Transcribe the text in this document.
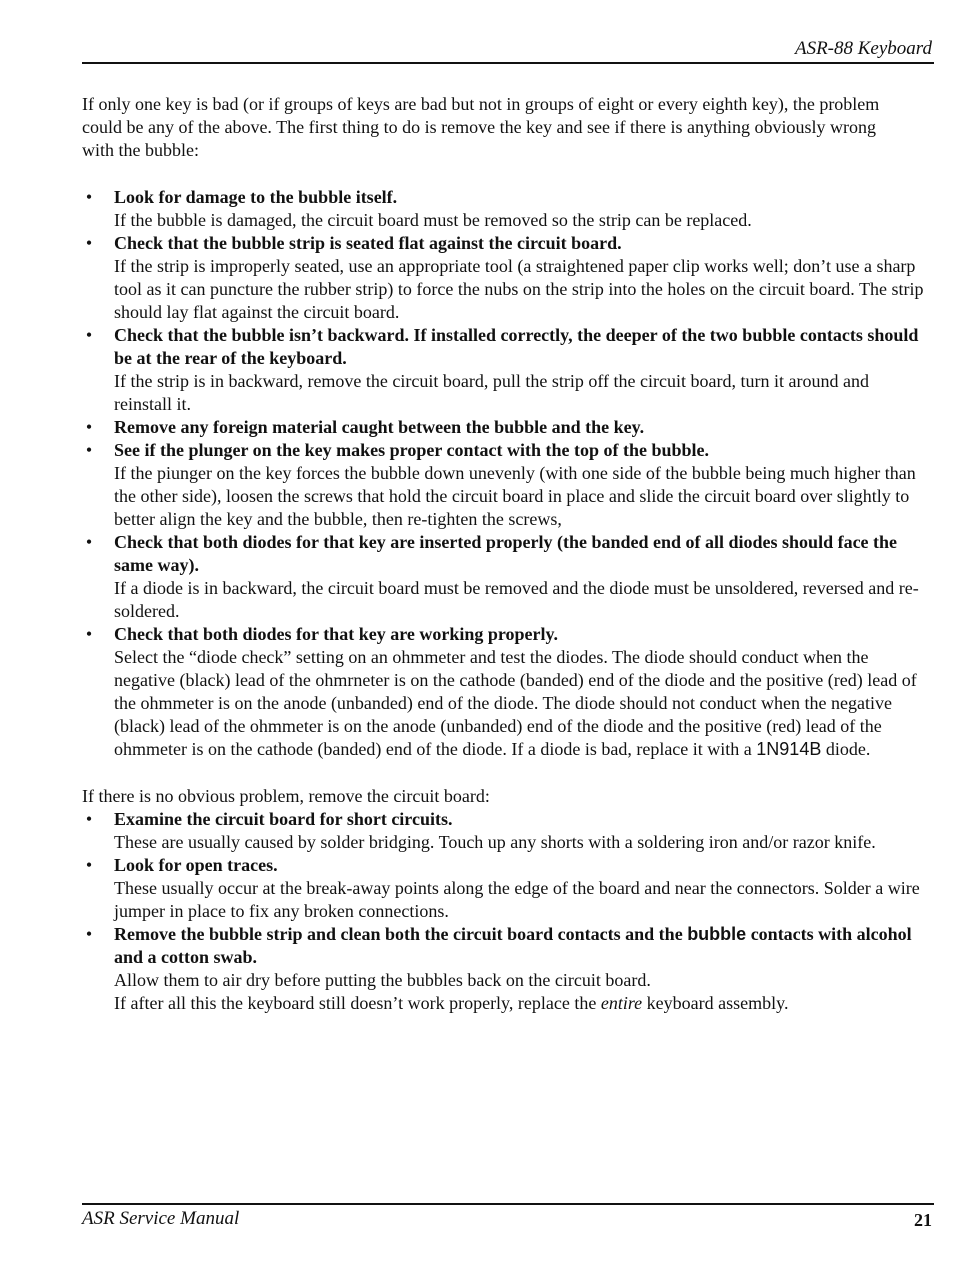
ASR-88 Keyboard

If only one key is bad (or if groups of keys are bad but not in groups of eight or every eighth key), the problem could be any of the above. The first thing to do is remove the key and see if there is anything obviously wrong with the bubble:

• Look for damage to the bubble itself.
If the bubble is damaged, the circuit board must be removed so the strip can be replaced.
• Check that the bubble strip is seated flat against the circuit board.
If the strip is improperly seated, use an appropriate tool (a straightened paper clip works well; don’t use a sharp tool as it can puncture the rubber strip) to force the nubs on the strip into the holes on the circuit board. The strip should lay flat against the circuit board.
• Check that the bubble isn’t backward. If installed correctly, the deeper of the two bubble contacts should be at the rear of the keyboard.
If the strip is in backward, remove the circuit board, pull the strip off the circuit board, turn it around and reinstall it.
• Remove any foreign material caught between the bubble and the key.
• See if the plunger on the key makes proper contact with the top of the bubble.
If the piunger on the key forces the bubble down unevenly (with one side of the bubble being much higher than the other side), loosen the screws that hold the circuit board in place and slide the circuit board over slightly to better align the key and the bubble, then re-tighten the screws,
• Check that both diodes for that key are inserted properly (the banded end of all diodes should face the same way).
If a diode is in backward, the circuit board must be removed and the diode must be unsoldered, reversed and re-soldered.
• Check that both diodes for that key are working properly.
Select the “diode check” setting on an ohmmeter and test the diodes. The diode should conduct when the negative (black) lead of the ohmrneter is on the cathode (banded) end of the diode and the positive (red) lead of the ohmmeter is on the anode (unbanded) end of the diode. The diode should not conduct when the negative (black) lead of the ohmmeter is on the anode (unbanded) end of the diode and the positive (red) lead of the ohmmeter is on the cathode (banded) end of the diode. If a diode is bad, replace it with a 1N914B diode.

If there is no obvious problem, remove the circuit board:

• Examine the circuit board for short circuits.
These are usually caused by solder bridging. Touch up any shorts with a soldering iron and/or razor knife.
• Look for open traces.
These usually occur at the break-away points along the edge of the board and near the connectors. Solder a wire jumper in place to fix any broken connections.
• Remove the bubble strip and clean both the circuit board contacts and the bubble contacts with alcohol and a cotton swab.
Allow them to air dry before putting the bubbles back on the circuit board.
If after all this the keyboard still doesn’t work properly, replace the entire keyboard assembly.
ASR Service Manual	21
